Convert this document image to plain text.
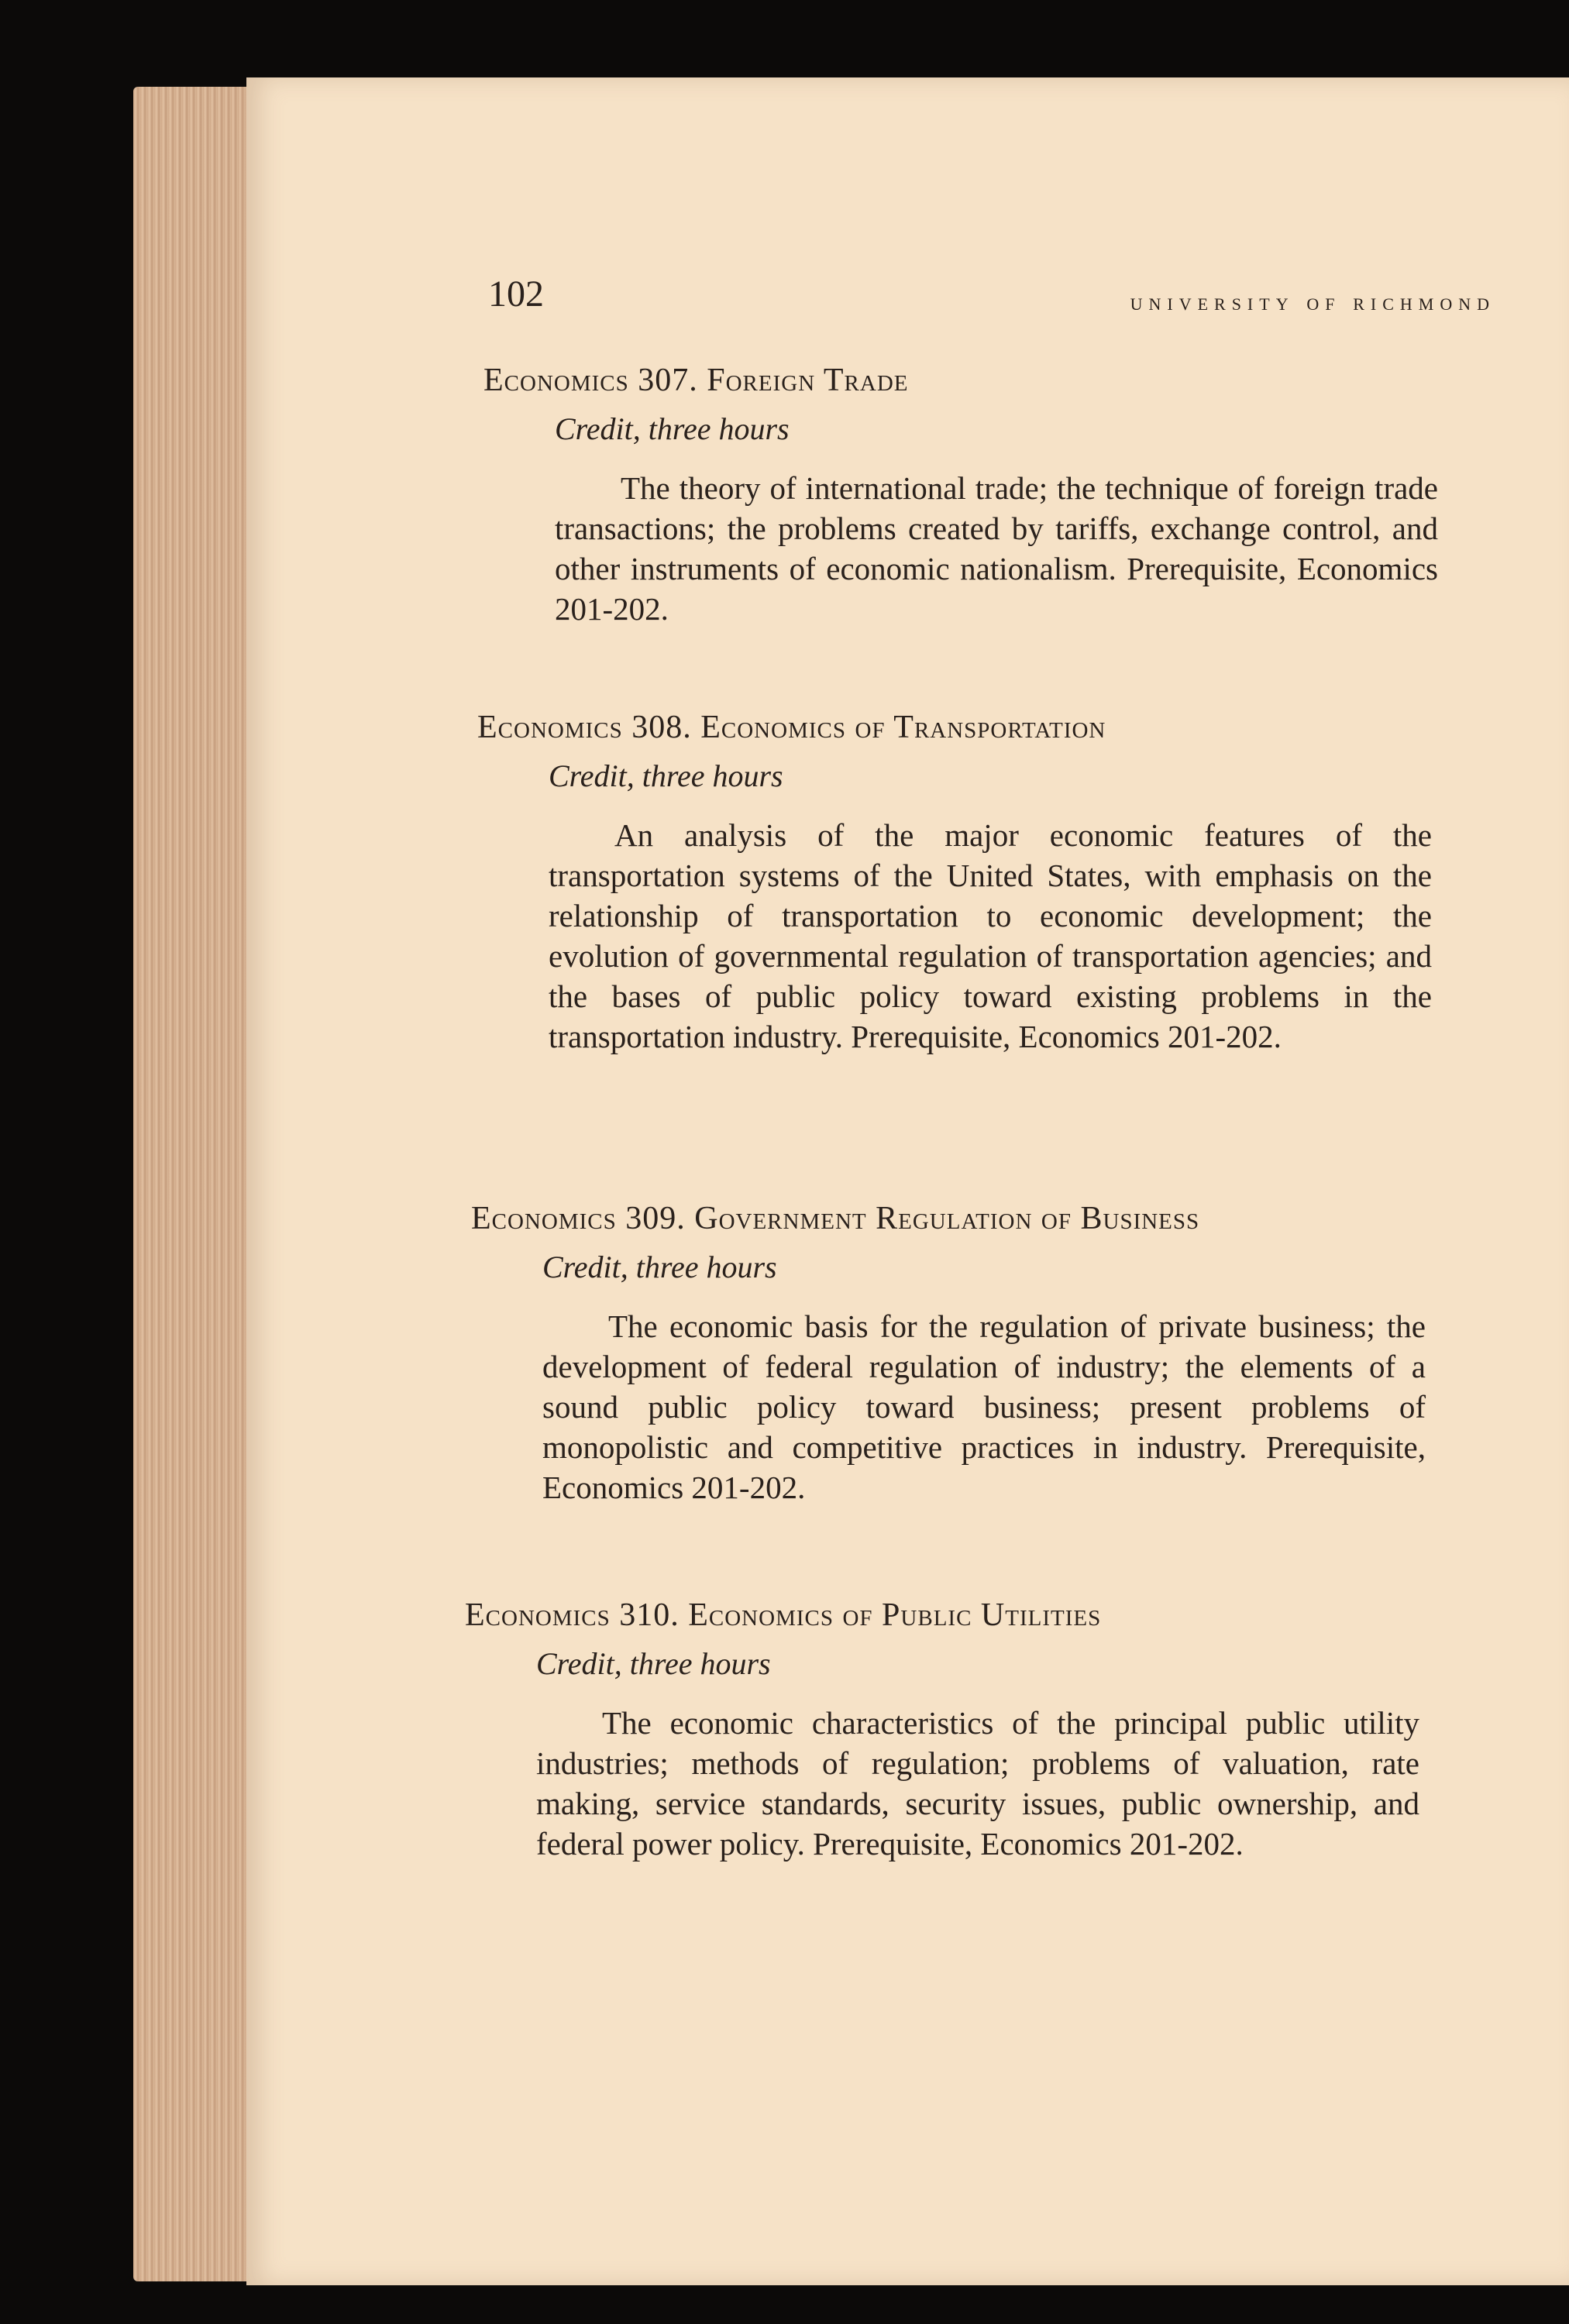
102	university of richmond
Economics 307. Foreign Trade
Credit, three hours
The theory of international trade; the technique of foreign trade transactions; the problems created by tariffs, exchange control, and other instruments of economic nationalism. Prerequisite, Economics 201-202.
Economics 308. Economics of Transportation
Credit, three hours
An analysis of the major economic features of the transportation systems of the United States, with emphasis on the relationship of transportation to economic development; the evolution of governmental regulation of transportation agencies; and the bases of public policy toward existing problems in the transportation industry. Prerequisite, Economics 201-202.
Economics 309. Government Regulation of Business
Credit, three hours
The economic basis for the regulation of private business; the development of federal regulation of industry; the elements of a sound public policy toward business; present problems of monopolistic and competitive practices in industry. Prerequisite, Economics 201-202.
Economics 310. Economics of Public Utilities
Credit, three hours
The economic characteristics of the principal public utility industries; methods of regulation; problems of valuation, rate making, service standards, security issues, public ownership, and federal power policy. Prerequisite, Economics 201-202.
